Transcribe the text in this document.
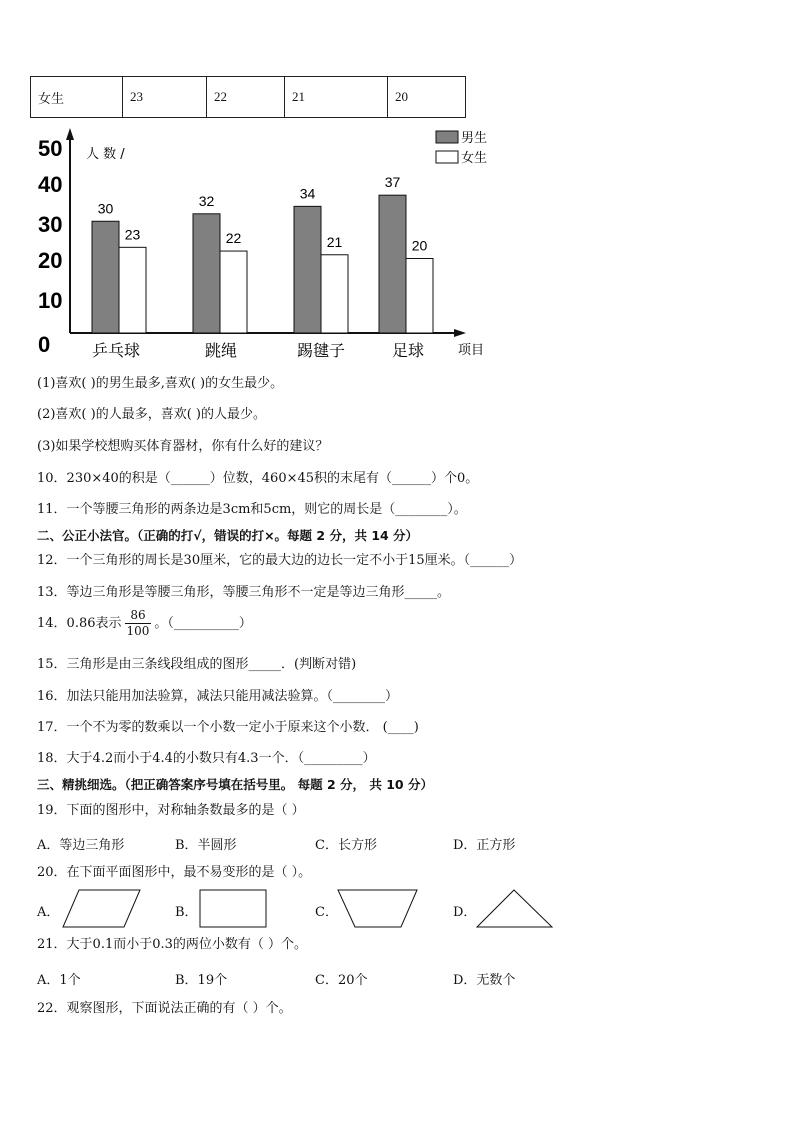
女生	23	22	21	20
人 数 /
项目
50
40
30
20
10
0
30
23
乒乓球
32
22
跳绳
34
21
踢毽子
37
20
足球
男生
女生
(1)喜欢( )的男生最多,喜欢( )的女生最少。
(2)喜欢( )的人最多，喜欢( )的人最少。
(3)如果学校想购买体育器材，你有什么好的建议？
10．230×40的积是（______）位数，460×45积的末尾有（______）个0。
11．一个等腰三角形的两条边是3cm和5cm，则它的周长是（________）。
二、公正小法官。（正确的打√，错误的打×。每题 2 分，共 14 分）
12．一个三角形的周长是30厘米，它的最大边的边长一定不小于15厘米。（______）
13．等边三角形是等腰三角形，等腰三角形不一定是等边三角形_____。
14．0.86表示 $\frac{86}{100}$ 。（__________）
15．三角形是由三条线段组成的图形_____．(判断对错)
16．加法只能用加法验算，减法只能用减法验算。（________）
17．一个不为零的数乘以一个小数一定小于原来这个小数． (____)
18．大于4.2而小于4.4的小数只有4.3一个．（_________）
三、精挑细选。（把正确答案序号填在括号里。 每题 2 分， 共 10 分）
19．下面的图形中，对称轴条数最多的是（ ）
A．等边三角形	B．半圆形	C．长方形	D．正方形
20．在下面平面图形中，最不易变形的是（ ）。
A．	B．	C．	D．
21．大于0.1而小于0.3的两位小数有（ ）个。
A．1个	B．19个	C．20个	D．无数个
22．观察图形，下面说法正确的有（ ）个。
